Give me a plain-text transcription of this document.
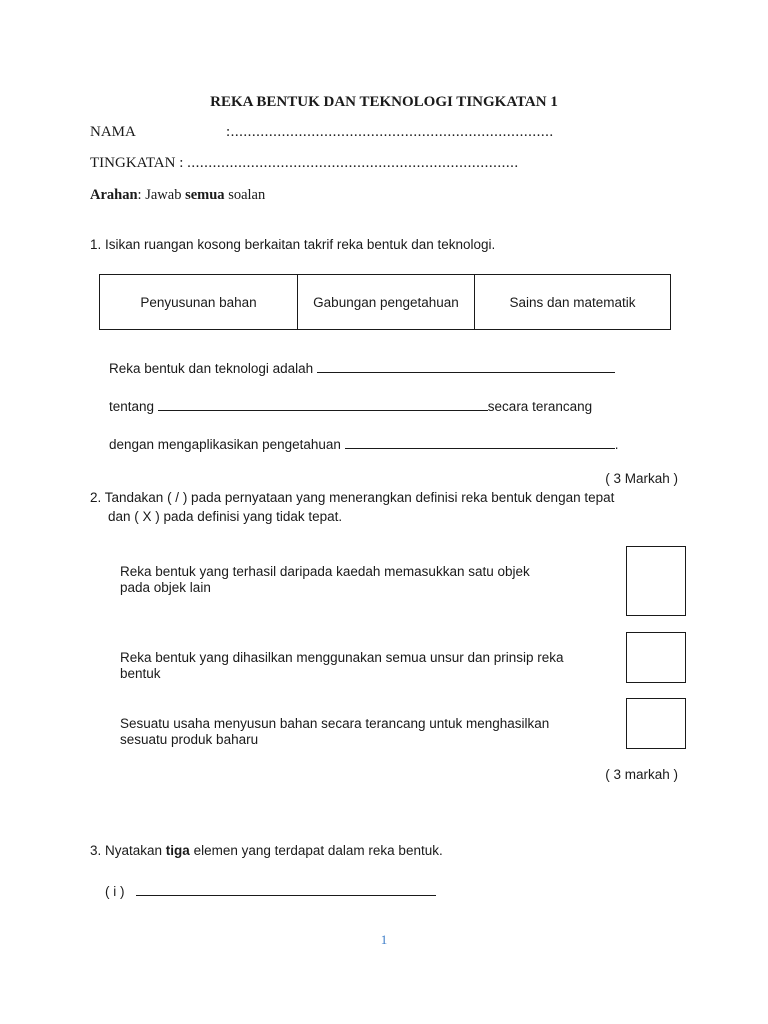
REKA BENTUK DAN TEKNOLOGI TINGKATAN 1
NAMA	:............................................................................
TINGKATAN : ..............................................................................
Arahan: Jawab semua soalan
1. Isikan ruangan kosong berkaitan takrif reka bentuk dan teknologi.
Penyusunan bahan	Gabungan pengetahuan	Sains dan matematik
Reka bentuk dan teknologi adalah
tentang	secara terancang
dengan mengaplikasikan pengetahuan	.
( 3 Markah )
2. Tandakan ( / ) pada pernyataan yang menerangkan definisi reka bentuk dengan tepat
dan ( X ) pada definisi yang tidak tepat.
Reka bentuk yang terhasil daripada kaedah memasukkan satu objek pada objek lain
Reka bentuk yang dihasilkan menggunakan semua unsur dan prinsip reka bentuk
Sesuatu usaha menyusun bahan secara terancang untuk menghasilkan sesuatu produk baharu
( 3 markah )
3. Nyatakan tiga elemen yang terdapat dalam reka bentuk.
( i )
1
